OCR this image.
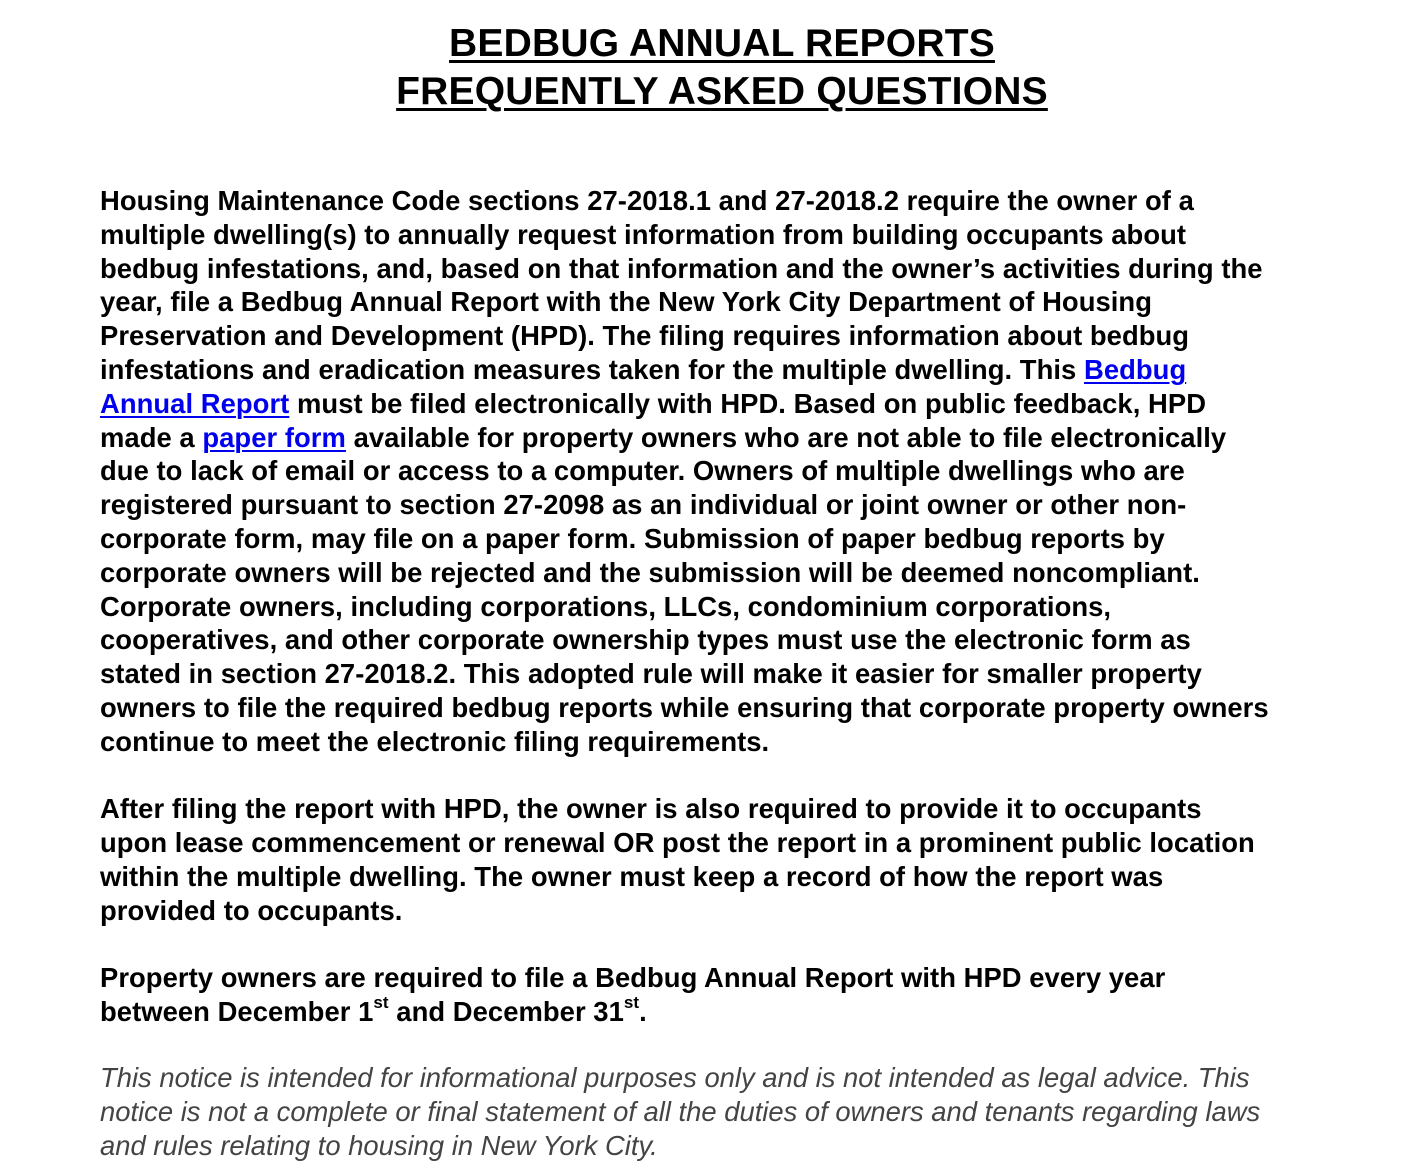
BEDBUG ANNUAL REPORTS
FREQUENTLY ASKED QUESTIONS
Housing Maintenance Code sections 27-2018.1 and 27-2018.2 require the owner of a
multiple dwelling(s) to annually request information from building occupants about
bedbug infestations, and, based on that information and the owner’s activities during the
year, file a Bedbug Annual Report with the New York City Department of Housing
Preservation and Development (HPD). The filing requires information about bedbug
infestations and eradication measures taken for the multiple dwelling. This Bedbug
Annual Report must be filed electronically with HPD. Based on public feedback, HPD
made a paper form available for property owners who are not able to file electronically
due to lack of email or access to a computer. Owners of multiple dwellings who are
registered pursuant to section 27-2098 as an individual or joint owner or other non-
corporate form, may file on a paper form. Submission of paper bedbug reports by
corporate owners will be rejected and the submission will be deemed noncompliant.
Corporate owners, including corporations, LLCs, condominium corporations,
cooperatives, and other corporate ownership types must use the electronic form as
stated in section 27-2018.2. This adopted rule will make it easier for smaller property
owners to file the required bedbug reports while ensuring that corporate property owners
continue to meet the electronic filing requirements.
After filing the report with HPD, the owner is also required to provide it to occupants
upon lease commencement or renewal OR post the report in a prominent public location
within the multiple dwelling. The owner must keep a record of how the report was
provided to occupants.
Property owners are required to file a Bedbug Annual Report with HPD every year
between December 1st and December 31st.
This notice is intended for informational purposes only and is not intended as legal advice. This
notice is not a complete or final statement of all the duties of owners and tenants regarding laws
and rules relating to housing in New York City.
